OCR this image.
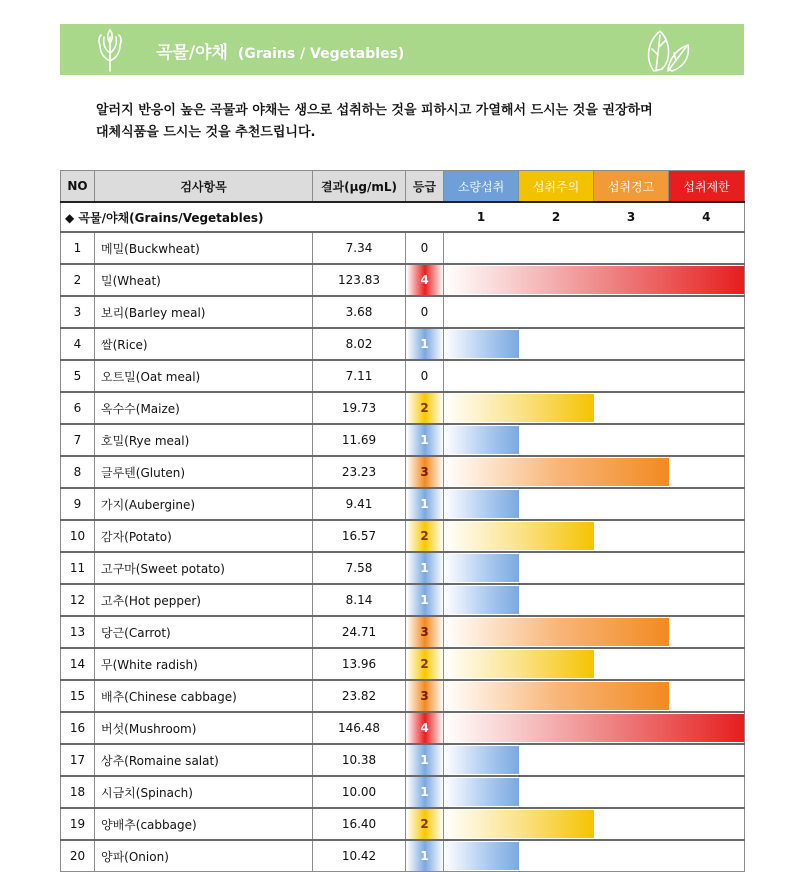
곡물/야채 (Grains / Vegetables)
알러지 반응이 높은 곡물과 야채는 생으로 섭취하는 것을 피하시고 가열해서 드시는 것을 권장하며
대체식품을 드시는 것을 추천드립니다.
NO	검사항목	결과(μg/mL)	등급	소량섭취	섭취주의	섭취경고	섭취제한
◆ 곡물/야채(Grains/Vegetables)				1	2	3	4
1	메밀(Buckwheat)	7.34	0				
2	밀(Wheat)	123.83	4				

3	보리(Barley meal)	3.68	0				
4	쌀(Rice)	8.02	1				

5	오트밀(Oat meal)	7.11	0				
6	옥수수(Maize)	19.73	2				

7	호밀(Rye meal)	11.69	1				

8	글루텐(Gluten)	23.23	3				

9	가지(Aubergine)	9.41	1				

10	감자(Potato)	16.57	2				

11	고구마(Sweet potato)	7.58	1				

12	고추(Hot pepper)	8.14	1				

13	당근(Carrot)	24.71	3				

14	무(White radish)	13.96	2				

15	배추(Chinese cabbage)	23.82	3				

16	버섯(Mushroom)	146.48	4				

17	상추(Romaine salat)	10.38	1				

18	시금치(Spinach)	10.00	1				

19	양배추(cabbage)	16.40	2				

20	양파(Onion)	10.42	1				
